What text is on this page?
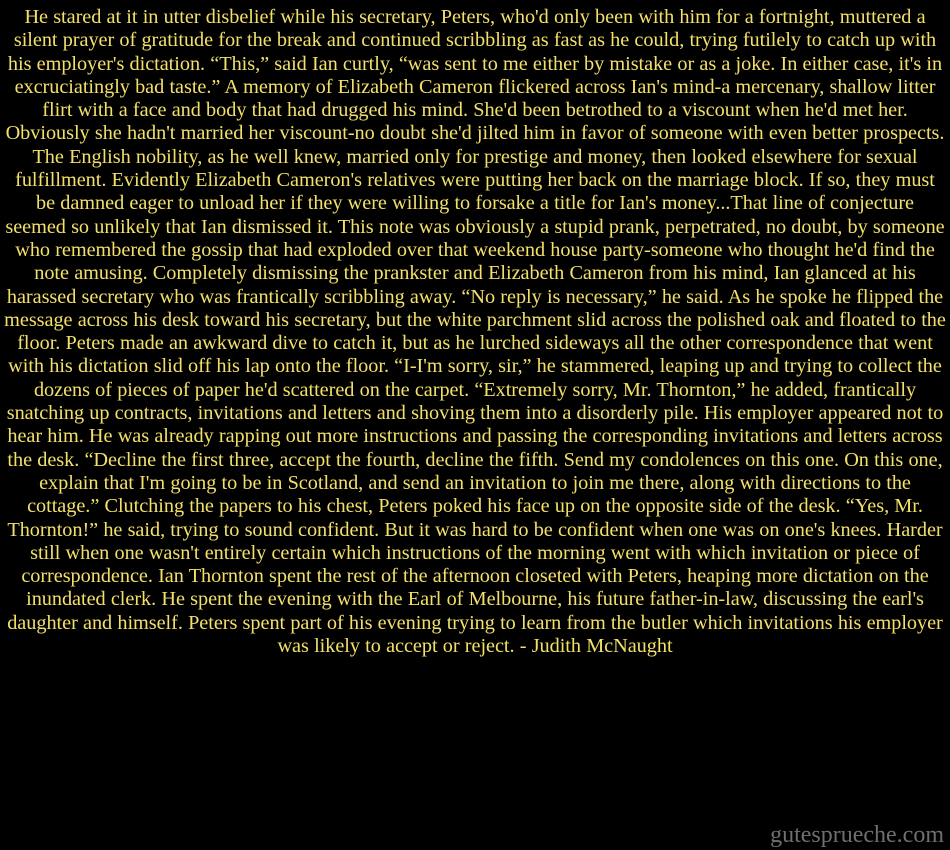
He stared at it in utter disbelief while his secretary, Peters, who'd only been with him for a fortnight, muttered a silent prayer of gratitude for the break and continued scribbling as fast as he could, trying futilely to catch up with his employer's dictation. “This,” said Ian curtly, “was sent to me either by mistake or as a joke. In either case, it's in excruciatingly bad taste.” A memory of Elizabeth Cameron flickered across Ian's mind-a mercenary, shallow litter flirt with a face and body that had drugged his mind. She'd been betrothed to a viscount when he'd met her. Obviously she hadn't married her viscount-no doubt she'd jilted him in favor of someone with even better prospects. The English nobility, as he well knew, married only for prestige and money, then looked elsewhere for sexual fulfillment. Evidently Elizabeth Cameron's relatives were putting her back on the marriage block. If so, they must be damned eager to unload her if they were willing to forsake a title for Ian's money...That line of conjecture seemed so unlikely that Ian dismissed it. This note was obviously a stupid prank, perpetrated, no doubt, by someone who remembered the gossip that had exploded over that weekend house party-someone who thought he'd find the note amusing. Completely dismissing the prankster and Elizabeth Cameron from his mind, Ian glanced at his harassed secretary who was frantically scribbling away. “No reply is necessary,” he said. As he spoke he flipped the message across his desk toward his secretary, but the white parchment slid across the polished oak and floated to the floor. Peters made an awkward dive to catch it, but as he lurched sideways all the other correspondence that went with his dictation slid off his lap onto the floor. “I-I'm sorry, sir,” he stammered, leaping up and trying to collect the dozens of pieces of paper he'd scattered on the carpet. “Extremely sorry, Mr. Thornton,” he added, frantically snatching up contracts, invitations and letters and shoving them into a disorderly pile. His employer appeared not to hear him. He was already rapping out more instructions and passing the corresponding invitations and letters across the desk. “Decline the first three, accept the fourth, decline the fifth. Send my condolences on this one. On this one, explain that I'm going to be in Scotland, and send an invitation to join me there, along with directions to the cottage.” Clutching the papers to his chest, Peters poked his face up on the opposite side of the desk. “Yes, Mr. Thornton!” he said, trying to sound confident. But it was hard to be confident when one was on one's knees. Harder still when one wasn't entirely certain which instructions of the morning went with which invitation or piece of correspondence. Ian Thornton spent the rest of the afternoon closeted with Peters, heaping more dictation on the inundated clerk. He spent the evening with the Earl of Melbourne, his future father-in-law, discussing the earl's daughter and himself. Peters spent part of his evening trying to learn from the butler which invitations his employer was likely to accept or reject. - Judith McNaught
gutesprueche.com
